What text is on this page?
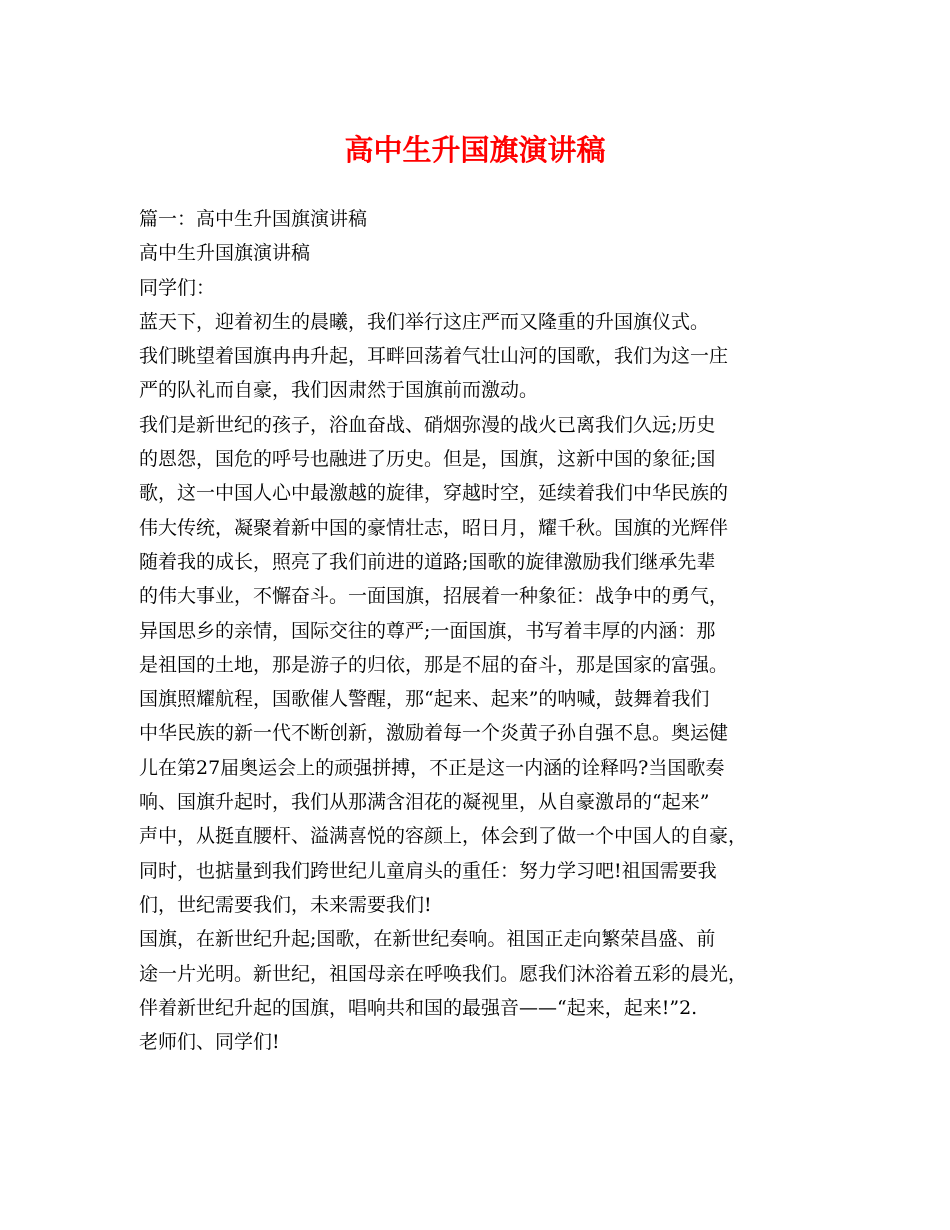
高中生升国旗演讲稿
篇一：高中生升国旗演讲稿
高中生升国旗演讲稿
同学们：
蓝天下，迎着初生的晨曦，我们举行这庄严而又隆重的升国旗仪式。
我们眺望着国旗冉冉升起，耳畔回荡着气壮山河的国歌，我们为这一庄
严的队礼而自豪，我们因肃然于国旗前而激动。
我们是新世纪的孩子，浴血奋战、硝烟弥漫的战火已离我们久远;历史
的恩怨，国危的呼号也融进了历史。但是，国旗，这新中国的象征;国
歌，这一中国人心中最激越的旋律，穿越时空，延续着我们中华民族的
伟大传统，凝聚着新中国的豪情壮志，昭日月，耀千秋。国旗的光辉伴
随着我的成长，照亮了我们前进的道路;国歌的旋律激励我们继承先辈
的伟大事业，不懈奋斗。一面国旗，招展着一种象征：战争中的勇气，
异国思乡的亲情，国际交往的尊严;一面国旗，书写着丰厚的内涵：那
是祖国的土地，那是游子的归依，那是不屈的奋斗，那是国家的富强。
国旗照耀航程，国歌催人警醒，那“起来、起来”的呐喊，鼓舞着我们
中华民族的新一代不断创新，激励着每一个炎黄子孙自强不息。奥运健
儿在第27届奥运会上的顽强拼搏，不正是这一内涵的诠释吗?当国歌奏
响、国旗升起时，我们从那满含泪花的凝视里，从自豪激昂的“起来”
声中，从挺直腰杆、溢满喜悦的容颜上，体会到了做一个中国人的自豪，
同时，也掂量到我们跨世纪儿童肩头的重任：努力学习吧!祖国需要我
们，世纪需要我们，未来需要我们!
国旗，在新世纪升起;国歌，在新世纪奏响。祖国正走向繁荣昌盛、前
途一片光明。新世纪，祖国母亲在呼唤我们。愿我们沐浴着五彩的晨光，
伴着新世纪升起的国旗，唱响共和国的最强音——“起来，起来!”2.
老师们、同学们!
